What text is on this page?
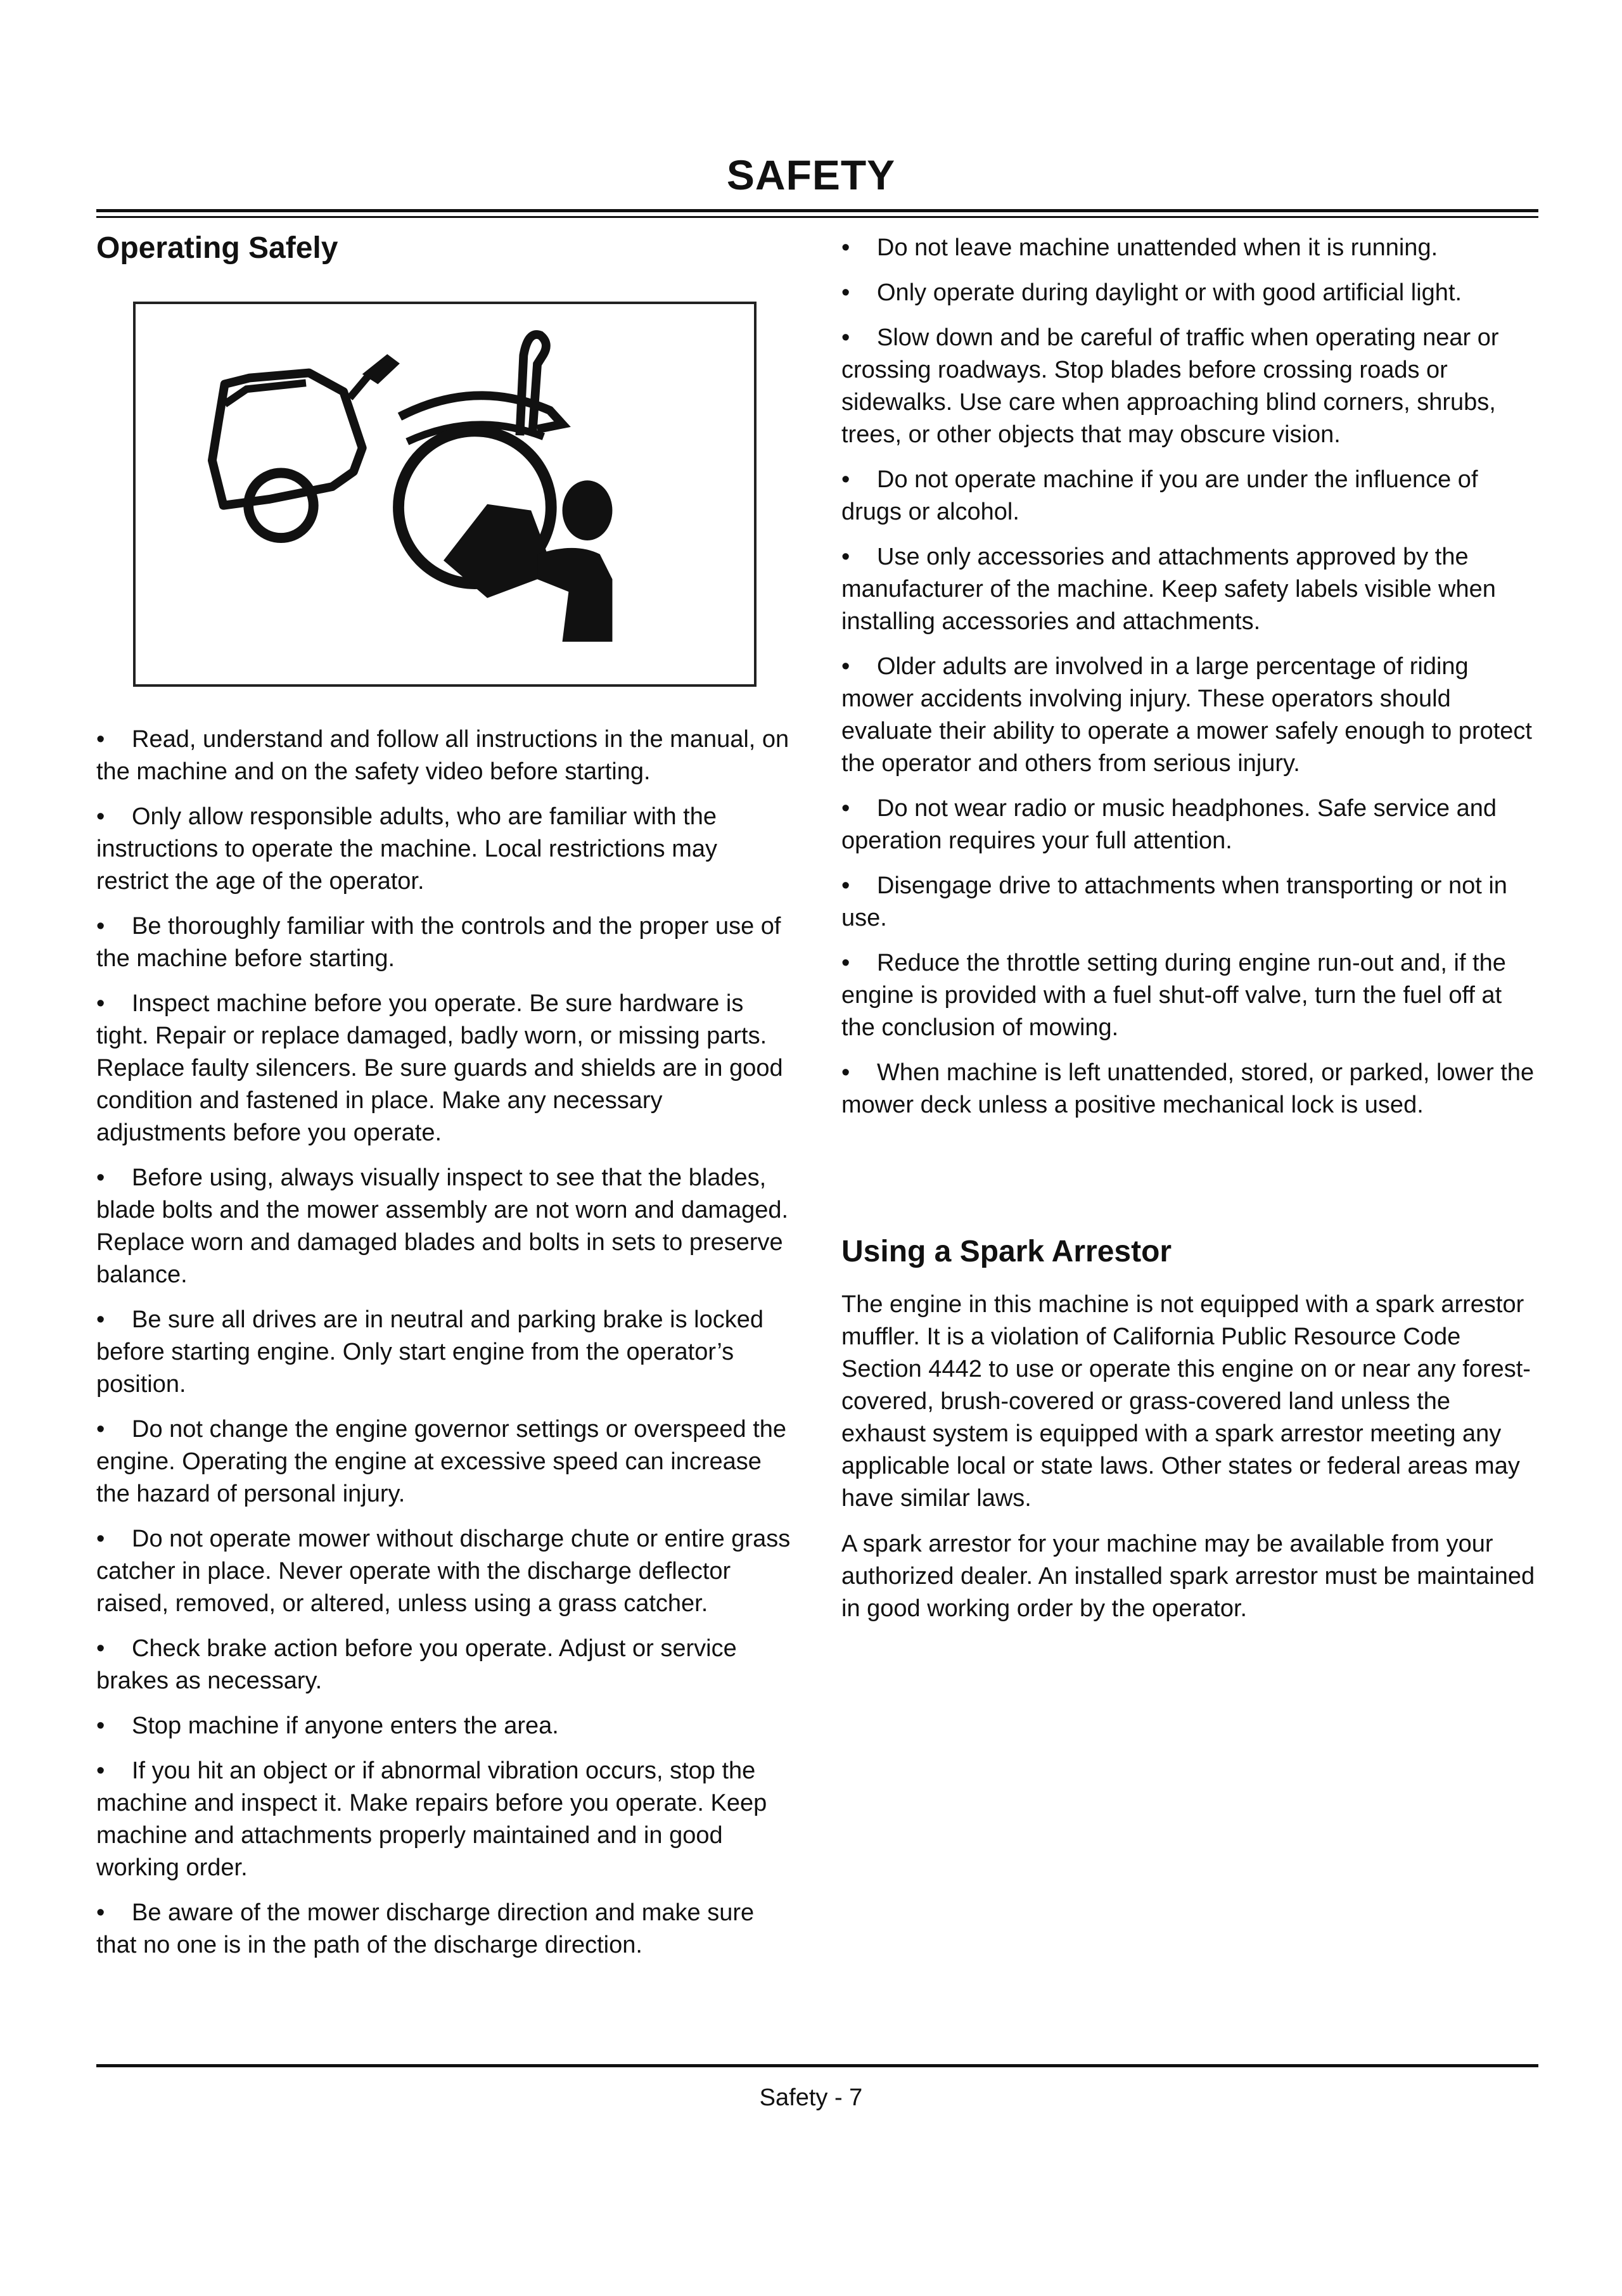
SAFETY
Operating Safely
• Read, understand and follow all instructions in the manual, on the machine and on the safety video before starting.
• Only allow responsible adults, who are familiar with the instructions to operate the machine. Local restrictions may restrict the age of the operator.
• Be thoroughly familiar with the controls and the proper use of the machine before starting.
• Inspect machine before you operate. Be sure hardware is tight. Repair or replace damaged, badly worn, or missing parts. Replace faulty silencers. Be sure guards and shields are in good condition and fastened in place. Make any necessary adjustments before you operate.
• Before using, always visually inspect to see that the blades, blade bolts and the mower assembly are not worn and damaged. Replace worn and damaged blades and bolts in sets to preserve balance.
• Be sure all drives are in neutral and parking brake is locked before starting engine. Only start engine from the operator’s position.
• Do not change the engine governor settings or overspeed the engine. Operating the engine at excessive speed can increase the hazard of personal injury.
• Do not operate mower without discharge chute or entire grass catcher in place. Never operate with the discharge deflector raised, removed, or altered, unless using a grass catcher.
• Check brake action before you operate. Adjust or service brakes as necessary.
• Stop machine if anyone enters the area.
• If you hit an object or if abnormal vibration occurs, stop the machine and inspect it. Make repairs before you operate. Keep machine and attachments properly maintained and in good working order.
• Be aware of the mower discharge direction and make sure that no one is in the path of the discharge direction.
• Do not leave machine unattended when it is running.
• Only operate during daylight or with good artificial light.
• Slow down and be careful of traffic when operating near or crossing roadways. Stop blades before crossing roads or sidewalks. Use care when approaching blind corners, shrubs, trees, or other objects that may obscure vision.
• Do not operate machine if you are under the influence of drugs or alcohol.
• Use only accessories and attachments approved by the manufacturer of the machine. Keep safety labels visible when installing accessories and attachments.
• Older adults are involved in a large percentage of riding mower accidents involving injury. These operators should evaluate their ability to operate a mower safely enough to protect the operator and others from serious injury.
• Do not wear radio or music headphones. Safe service and operation requires your full attention.
• Disengage drive to attachments when transporting or not in use.
• Reduce the throttle setting during engine run-out and, if the engine is provided with a fuel shut-off valve, turn the fuel off at the conclusion of mowing.
• When machine is left unattended, stored, or parked, lower the mower deck unless a positive mechanical lock is used.
Using a Spark Arrestor

The engine in this machine is not equipped with a spark arrestor muffler. It is a violation of California Public Resource Code Section 4442 to use or operate this engine on or near any forest-covered, brush-covered or grass-covered land unless the exhaust system is equipped with a spark arrestor meeting any applicable local or state laws. Other states or federal areas may have similar laws.

A spark arrestor for your machine may be available from your authorized dealer. An installed spark arrestor must be maintained in good working order by the operator.

Safety - 7
